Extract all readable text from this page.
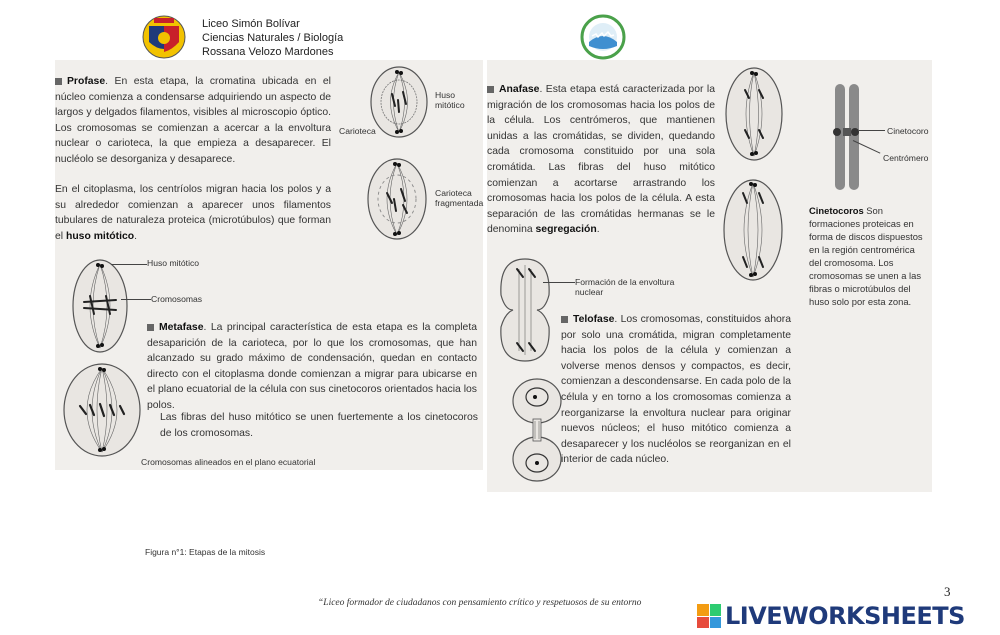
Liceo Simón Bolívar
Ciencias Naturales / Biología
Rossana Velozo Mardones
Profase. En esta etapa, la cromatina ubicada en el núcleo comienza a condensarse adquiriendo un aspecto de largos y delgados filamentos, visibles al microscopio óptico. Los cromosomas se comienzan a acercar a la envoltura nuclear o carioteca, la que empieza a desaparecer. El nucléolo se desorganiza y desaparece.
En el citoplasma, los centríolos migran hacia los polos y a su alrededor comienzan a aparecer unos filamentos tubulares de naturaleza proteica (microtúbulos) que forman el huso mitótico.
Huso mitótico
Carioteca
Carioteca fragmentada
Huso mitótico
Cromosomas
Metafase. La principal característica de esta etapa es la completa desaparición de la carioteca, por lo que los cromosomas, que han alcanzado su grado máximo de condensación, quedan en contacto directo con el citoplasma donde comienzan a migrar para ubicarse en el plano ecuatorial de la célula con sus cinetocoros orientados hacia los polos.
Las fibras del huso mitótico se unen fuertemente a los cinetocoros de los cromosomas.
Cromosomas alineados en el plano ecuatorial
Anafase. Esta etapa está caracterizada por la migración de los cromosomas hacia los polos de la célula. Los centrómeros, que mantienen unidas a las cromátidas, se dividen, quedando cada cromosoma constituido por una sola cromátida. Las fibras del huso mitótico comienzan a acortarse arrastrando los cromosomas hacia los polos de la célula. A esta separación de las cromátidas hermanas se le denomina segregación.
Cinetocoro
Centrómero
Cinetocoros Son formaciones proteicas en forma de discos dispuestos en la región centromérica del cromosoma. Los cromosomas se unen a las fibras o microtúbulos del huso solo por esta zona.
Formación de la envoltura nuclear
Telofase. Los cromosomas, constituidos ahora por solo una cromátida, migran completamente hacia los polos de la célula y comienzan a volverse menos densos y compactos, es decir, comienzan a descondensarse. En cada polo de la célula y en torno a los cromosomas comienza a reorganizarse la envoltura nuclear para originar nuevos núcleos; el huso mitótico comienza a desaparecer y los nucléolos se reorganizan en el interior de cada núcleo.
Figura n°1: Etapas de la mitosis
3
“Liceo formador de ciudadanos con pensamiento crítico y respetuosos de su entorno	LIVEWORKSHEETS
